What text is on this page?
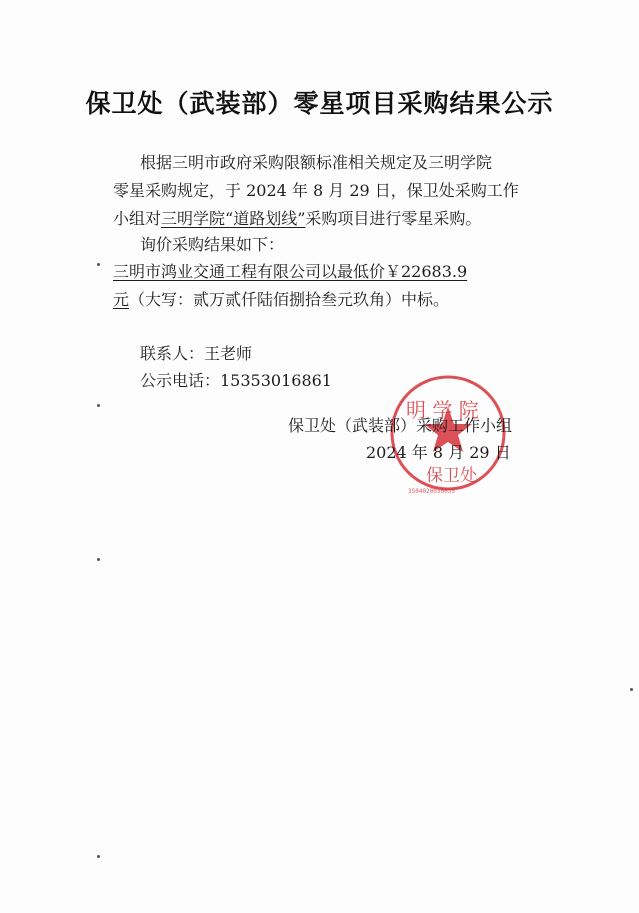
保卫处（武装部）零星项目采购结果公示
根据三明市政府采购限额标准相关规定及三明学院
零星采购规定，于 2024 年 8 月 29 日，保卫处采购工作
小组对三明学院“道路划线”采购项目进行零星采购。
询价采购结果如下：
三明市鸿业交通工程有限公司以最低价￥22683.9
元（大写：贰万贰仟陆佰捌拾叁元玖角）中标。
联系人：王老师
公示电话：15353016861
明 学 院
保卫处
3504020030035
保卫处（武装部）采购工作小组
2024 年 8 月 29 日
